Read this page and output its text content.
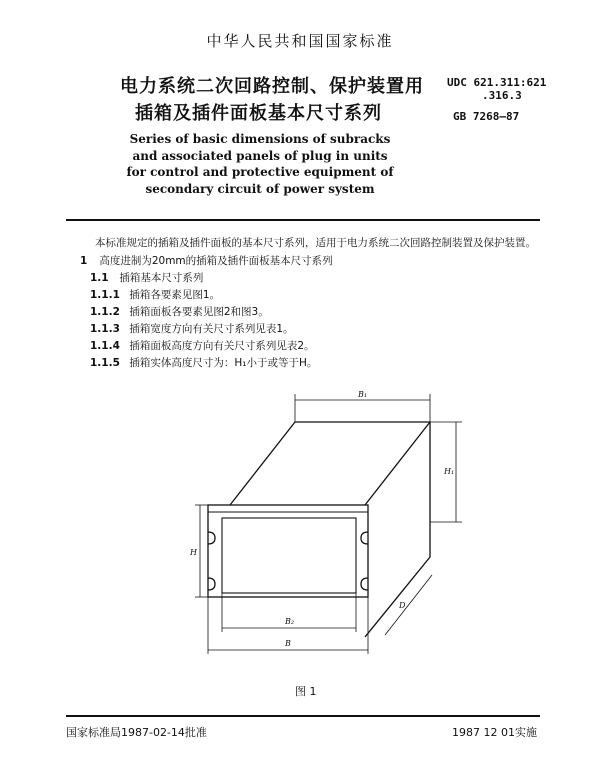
中华人民共和国国家标准
电力系统二次回路控制、保护装置用
插箱及插件面板基本尺寸系列
UDC 621.311:621
.316.3
GB 7268—87
Series of basic dimensions of subracks
and associated panels of plug in units
for control and protective equipment of
secondary circuit of power system
本标准规定的插箱及插件面板的基本尺寸系列，适用于电力系统二次回路控制装置及保护装置。
1 高度进制为20mm的插箱及插件面板基本尺寸系列
1.1 插箱基本尺寸系列
1.1.1 插箱各要素见图1。
1.1.2 插箱面板各要素见图2和图3。
1.1.3 插箱宽度方向有关尺寸系列见表1。
1.1.4 插箱面板高度方向有关尺寸系列见表2。
1.1.5 插箱实体高度尺寸为：H₁小于或等于H。
B₁
H₁
H
D
B₂
B
图 1
国家标准局1987-02-14批准	1987 12 01实施
